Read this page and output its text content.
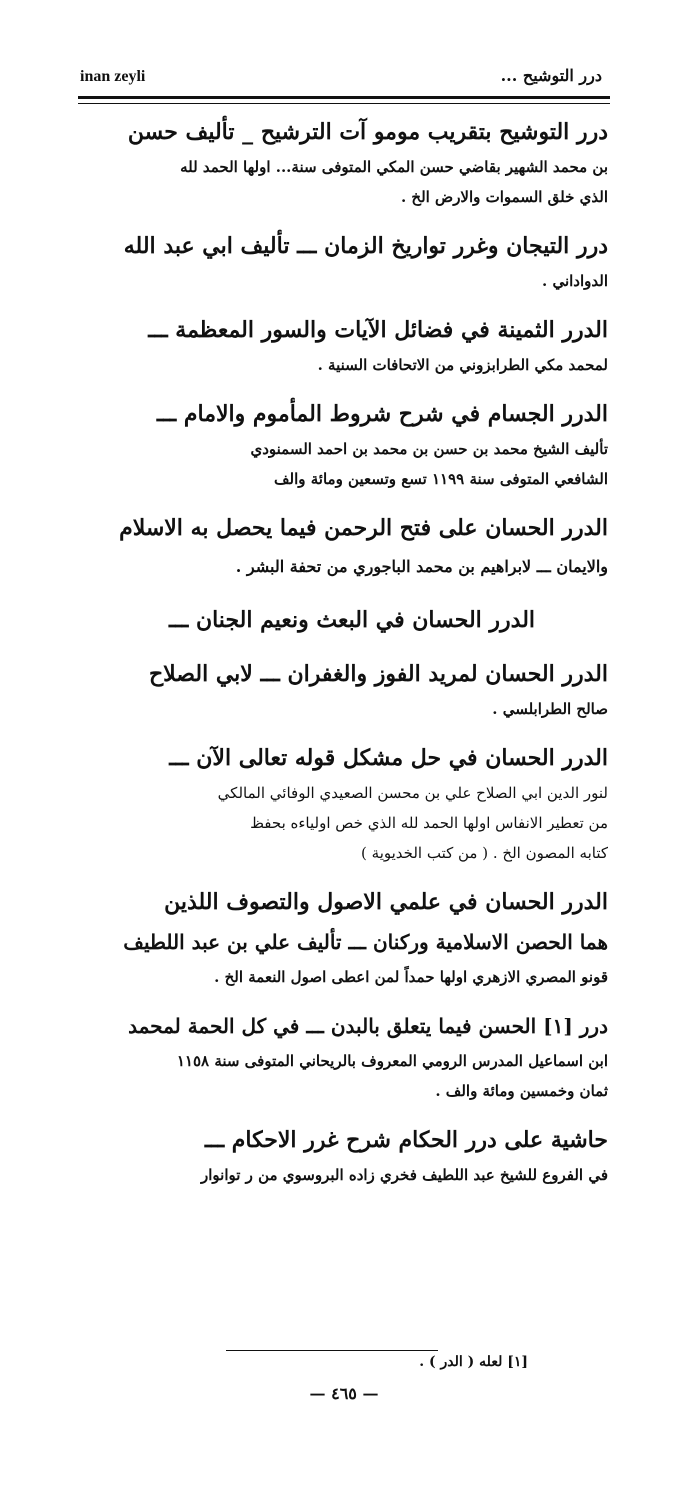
inan zeyli	درر التوشيح ...
درر التوشيح بتقريب مومو آت الترشيح _ تأليف حسن
بن محمد الشهير بقاضي حسن المكي المتوفى سنة... اولها الحمد لله
الذي خلق السموات والارض الخ .
درر التيجان وغرر تواريخ الزمان ـــ تأليف ابي عبد الله
الدواداني .
الدرر الثمينة في فضائل الآيات والسور المعظمة ـــ
لمحمد مكي الطرابزوني من الاتحافات السنية .
الدرر الجسام في شرح شروط المأموم والامام ـــ
تأليف الشيخ محمد بن حسن بن محمد بن احمد السمنودي
الشافعي المتوفى سنة ١١٩٩ تسع وتسعين ومائة والف
الدرر الحسان على فتح الرحمن فيما يحصل به الاسلام
والايمان ـــ لابراهيم بن محمد الباجوري من تحفة البشر .
الدرر الحسان في البعث ونعيم الجنان ـــ
الدرر الحسان لمريد الفوز والغفران ـــ لابي الصلاح
صالح الطرابلسي .
الدرر الحسان في حل مشكل قوله تعالى الآن ـــ
لنور الدين ابي الصلاح علي بن محسن الصعيدي الوفائي المالكي
من تعطير الانفاس اولها الحمد لله الذي خص اولياءه بحفظ
كتابه المصون الخ . ( من كتب الخديوية )
الدرر الحسان في علمي الاصول والتصوف اللذين
هما الحصن الاسلامية وركنان ـــ تأليف علي بن عبد اللطيف
قونو المصري الازهري اولها حمداً لمن اعطى اصول النعمة الخ .
درر [١] الحسن فيما يتعلق بالبدن ـــ في كل الحمة لمحمد
ابن اسماعيل المدرس الرومي المعروف بالريحاني المتوفى سنة ١١٥٨
ثمان وخمسين ومائة والف .
حاشية على درر الحكام شرح غرر الاحكام ـــ
في الفروع للشيخ عبد اللطيف فخري زاده البروسوي من ر توانوار
[١] لعله ( الدر ) .
— ٤٦٥ —
